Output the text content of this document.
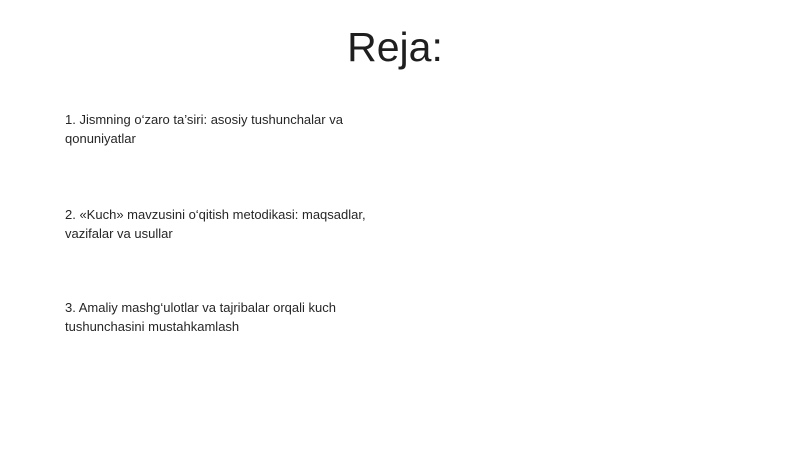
Reja:

1. Jismning o‘zaro ta’siri: asosiy tushunchalar va qonuniyatlar

2. «Kuch» mavzusini o‘qitish metodikasi: maqsadlar, vazifalar va usullar

3. Amaliy mashg‘ulotlar va tajribalar orqali kuch tushunchasini mustahkamlash
